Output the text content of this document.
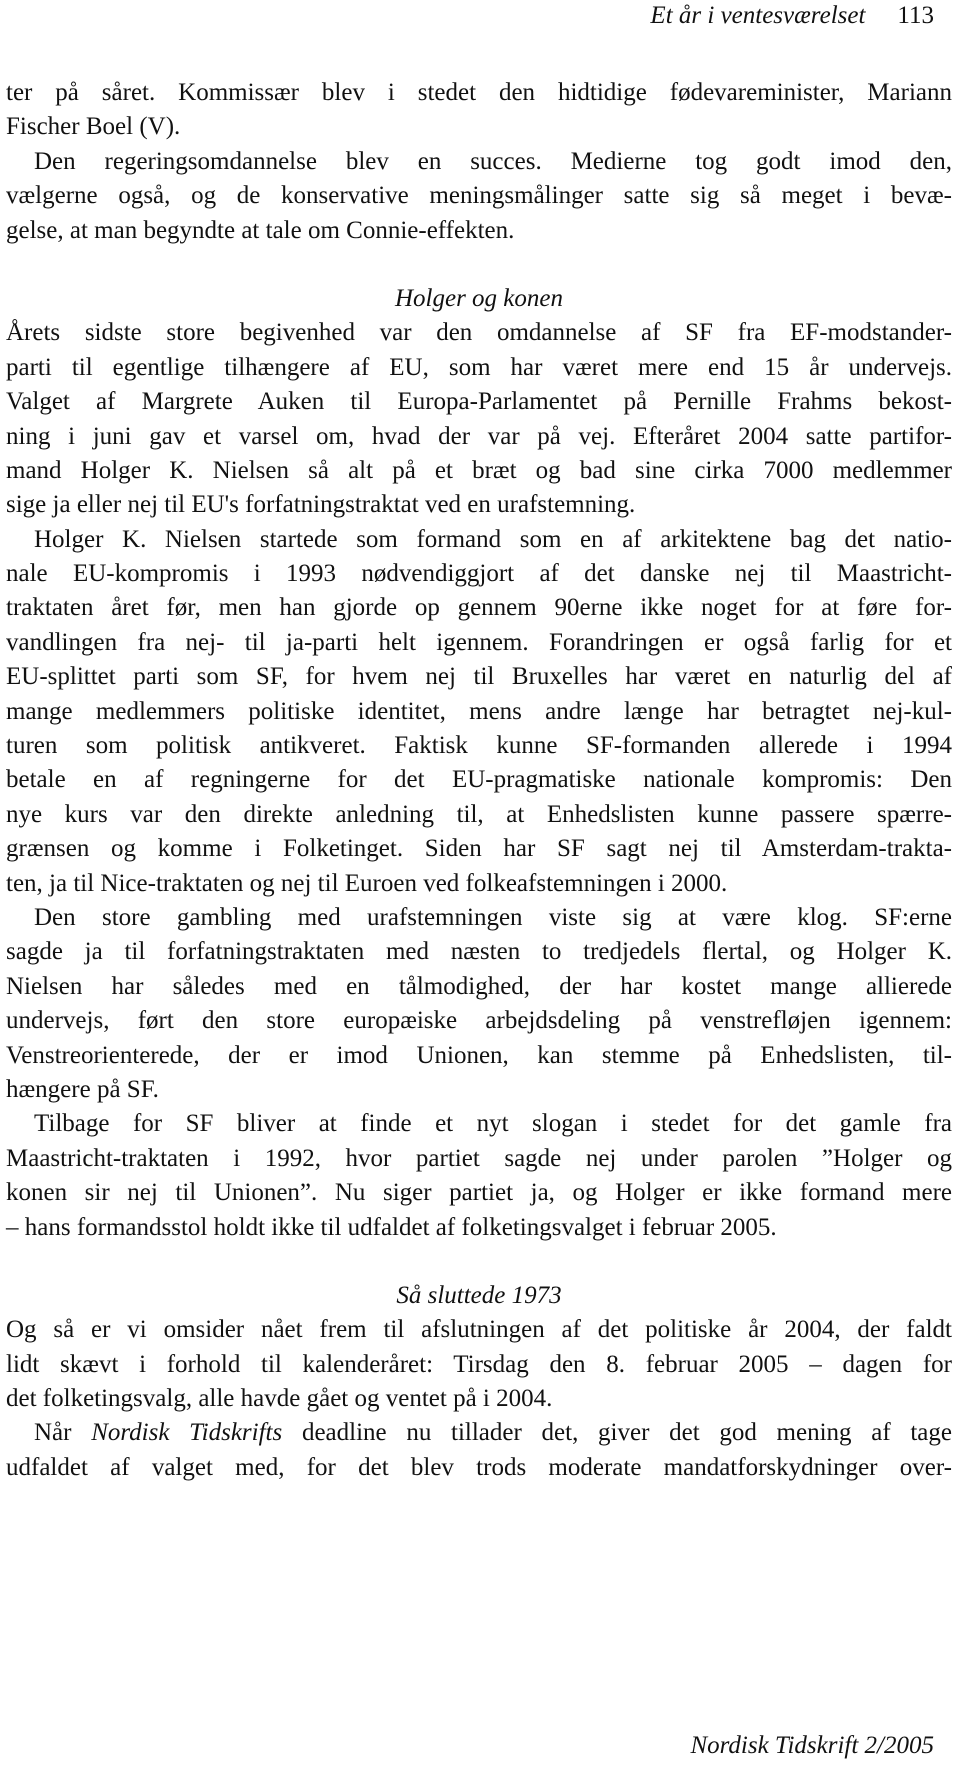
Et år i ventesværelset 113
ter på såret. Kommissær blev i stedet den hidtidige fødevareminister, Mariann
Fischer Boel (V).
Den regeringsomdannelse blev en succes. Medierne tog godt imod den,
vælgerne også, og de konservative meningsmålinger satte sig så meget i bevæ-
gelse, at man begyndte at tale om Connie-effekten.
Holger og konen
Årets sidste store begivenhed var den omdannelse af SF fra EF-modstander-
parti til egentlige tilhængere af EU, som har været mere end 15 år undervejs.
Valget af Margrete Auken til Europa-Parlamentet på Pernille Frahms bekost-
ning i juni gav et varsel om, hvad der var på vej. Efteråret 2004 satte partifor-
mand Holger K. Nielsen så alt på et bræt og bad sine cirka 7000 medlemmer
sige ja eller nej til EU's forfatningstraktat ved en urafstemning.
Holger K. Nielsen startede som formand som en af arkitektene bag det natio-
nale EU-kompromis i 1993 nødvendiggjort af det danske nej til Maastricht-
traktaten året før, men han gjorde op gennem 90erne ikke noget for at føre for-
vandlingen fra nej- til ja-parti helt igennem. Forandringen er også farlig for et
EU-splittet parti som SF, for hvem nej til Bruxelles har været en naturlig del af
mange medlemmers politiske identitet, mens andre længe har betragtet nej-kul-
turen som politisk antikveret. Faktisk kunne SF-formanden allerede i 1994
betale en af regningerne for det EU-pragmatiske nationale kompromis: Den
nye kurs var den direkte anledning til, at Enhedslisten kunne passere spærre-
grænsen og komme i Folketinget. Siden har SF sagt nej til Amsterdam-trakta-
ten, ja til Nice-traktaten og nej til Euroen ved folkeafstemningen i 2000.
Den store gambling med urafstemningen viste sig at være klog. SF:erne
sagde ja til forfatningstraktaten med næsten to tredjedels flertal, og Holger K.
Nielsen har således med en tålmodighed, der har kostet mange allierede
undervejs, ført den store europæiske arbejdsdeling på venstrefløjen igennem:
Venstreorienterede, der er imod Unionen, kan stemme på Enhedslisten, til-
hængere på SF.
Tilbage for SF bliver at finde et nyt slogan i stedet for det gamle fra
Maastricht-traktaten i 1992, hvor partiet sagde nej under parolen ”Holger og
konen sir nej til Unionen”. Nu siger partiet ja, og Holger er ikke formand mere
– hans formandsstol holdt ikke til udfaldet af folketingsvalget i februar 2005.
Så sluttede 1973
Og så er vi omsider nået frem til afslutningen af det politiske år 2004, der faldt
lidt skævt i forhold til kalenderåret: Tirsdag den 8. februar 2005 – dagen for
det folketingsvalg, alle havde gået og ventet på i 2004.
Når Nordisk Tidskrifts deadline nu tillader det, giver det god mening af tage
udfaldet af valget med, for det blev trods moderate mandatforskydninger over-
Nordisk Tidskrift 2/2005
